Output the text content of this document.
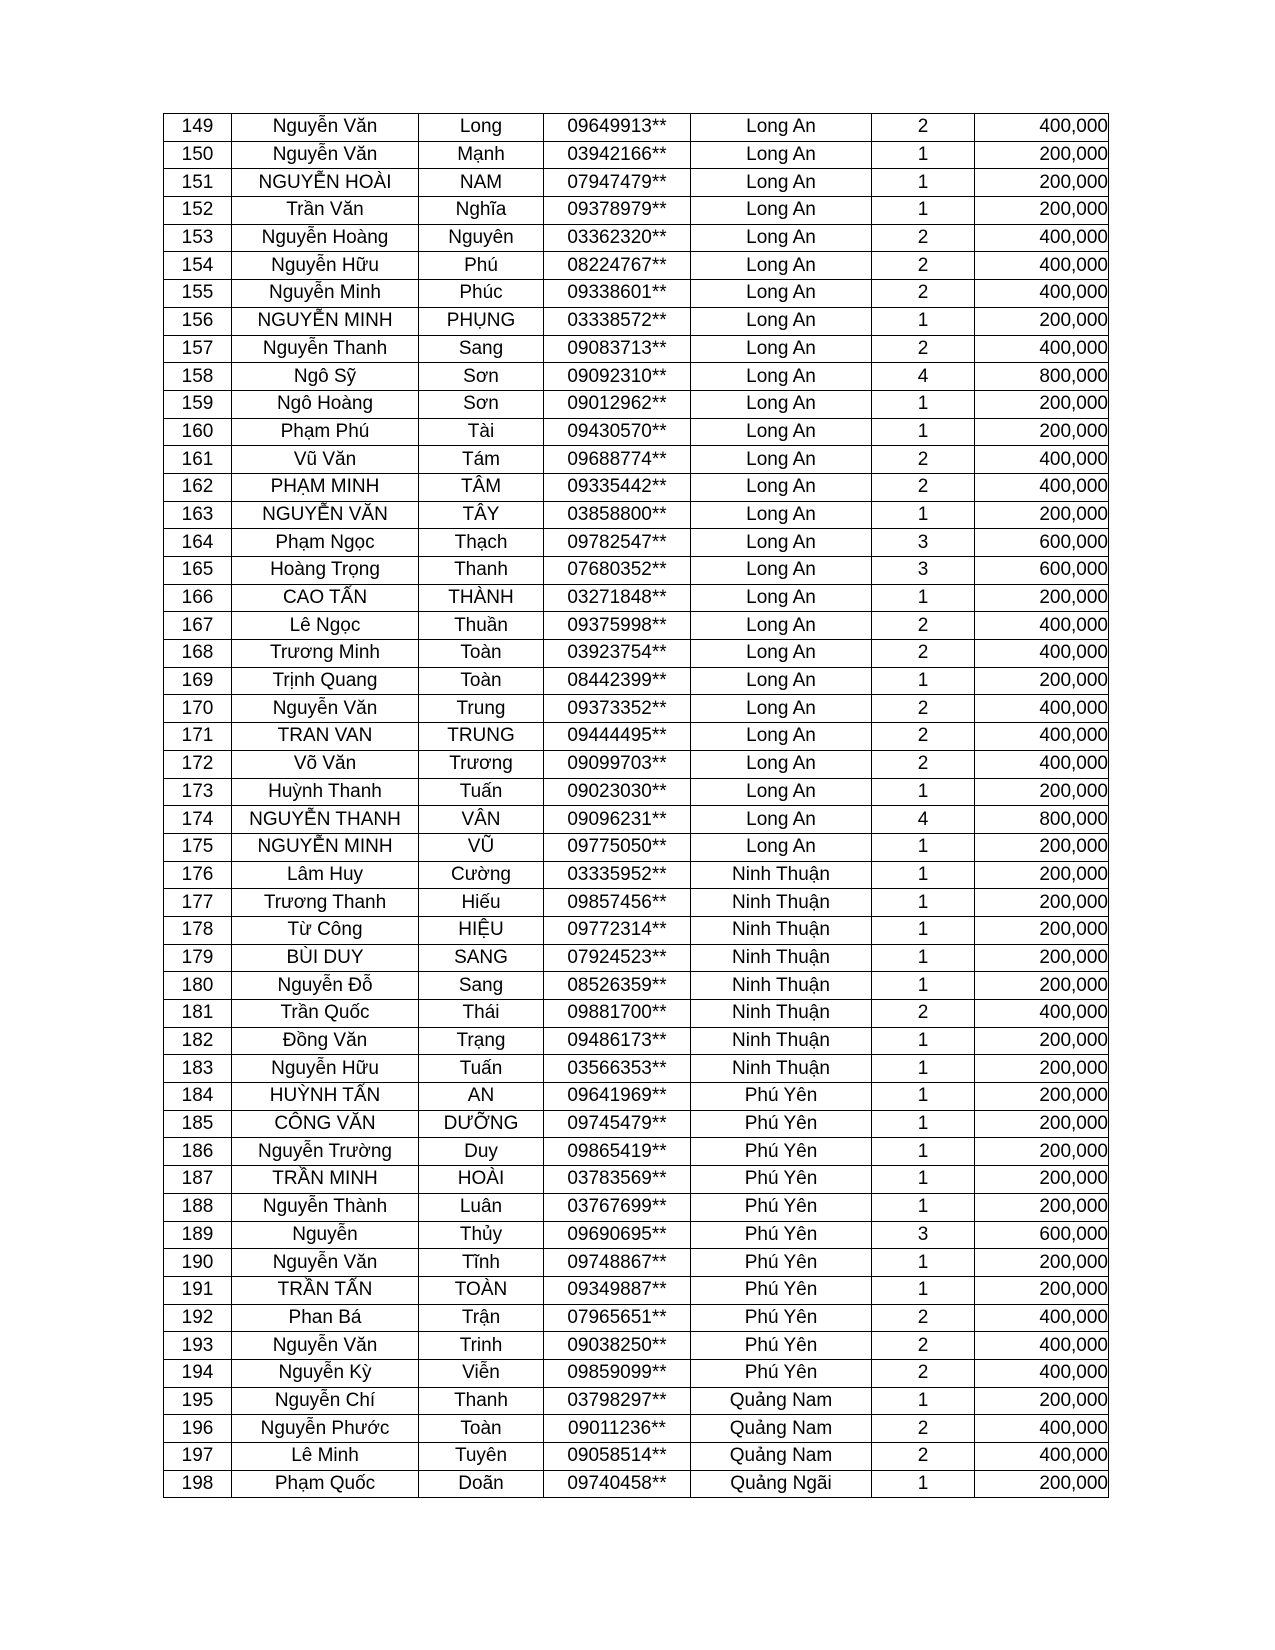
149	Nguyễn Văn	Long	09649913**	Long An	2	400,000
150	Nguyễn Văn	Mạnh	03942166**	Long An	1	200,000
151	NGUYỄN HOÀI	NAM	07947479**	Long An	1	200,000
152	Trần Văn	Nghĩa	09378979**	Long An	1	200,000
153	Nguyễn Hoàng	Nguyên	03362320**	Long An	2	400,000
154	Nguyễn Hữu	Phú	08224767**	Long An	2	400,000
155	Nguyễn Minh	Phúc	09338601**	Long An	2	400,000
156	NGUYỄN MINH	PHỤNG	03338572**	Long An	1	200,000
157	Nguyễn Thanh	Sang	09083713**	Long An	2	400,000
158	Ngô Sỹ	Sơn	09092310**	Long An	4	800,000
159	Ngô Hoàng	Sơn	09012962**	Long An	1	200,000
160	Phạm Phú	Tài	09430570**	Long An	1	200,000
161	Vũ Văn	Tám	09688774**	Long An	2	400,000
162	PHẠM MINH	TÂM	09335442**	Long An	2	400,000
163	NGUYỄN VĂN	TÂY	03858800**	Long An	1	200,000
164	Phạm Ngọc	Thạch	09782547**	Long An	3	600,000
165	Hoàng Trọng	Thanh	07680352**	Long An	3	600,000
166	CAO TẤN	THÀNH	03271848**	Long An	1	200,000
167	Lê Ngọc	Thuần	09375998**	Long An	2	400,000
168	Trương Minh	Toàn	03923754**	Long An	2	400,000
169	Trịnh Quang	Toàn	08442399**	Long An	1	200,000
170	Nguyễn Văn	Trung	09373352**	Long An	2	400,000
171	TRAN VAN	TRUNG	09444495**	Long An	2	400,000
172	Võ Văn	Trương	09099703**	Long An	2	400,000
173	Huỳnh Thanh	Tuấn	09023030**	Long An	1	200,000
174	NGUYỄN THANH	VÂN	09096231**	Long An	4	800,000
175	NGUYỄN MINH	VŨ	09775050**	Long An	1	200,000
176	Lâm Huy	Cường	03335952**	Ninh Thuận	1	200,000
177	Trương Thanh	Hiếu	09857456**	Ninh Thuận	1	200,000
178	Từ Công	HIỆU	09772314**	Ninh Thuận	1	200,000
179	BÙI DUY	SANG	07924523**	Ninh Thuận	1	200,000
180	Nguyễn Đỗ	Sang	08526359**	Ninh Thuận	1	200,000
181	Trần Quốc	Thái	09881700**	Ninh Thuận	2	400,000
182	Đồng Văn	Trạng	09486173**	Ninh Thuận	1	200,000
183	Nguyễn Hữu	Tuấn	03566353**	Ninh Thuận	1	200,000
184	HUỲNH TẤN	AN	09641969**	Phú Yên	1	200,000
185	CÔNG VĂN	DƯỠNG	09745479**	Phú Yên	1	200,000
186	Nguyễn Trường	Duy	09865419**	Phú Yên	1	200,000
187	TRẦN MINH	HOÀI	03783569**	Phú Yên	1	200,000
188	Nguyễn Thành	Luân	03767699**	Phú Yên	1	200,000
189	Nguyễn	Thủy	09690695**	Phú Yên	3	600,000
190	Nguyễn Văn	Tĩnh	09748867**	Phú Yên	1	200,000
191	TRẦN TẤN	TOÀN	09349887**	Phú Yên	1	200,000
192	Phan Bá	Trận	07965651**	Phú Yên	2	400,000
193	Nguyễn Văn	Trinh	09038250**	Phú Yên	2	400,000
194	Nguyễn Kỳ	Viễn	09859099**	Phú Yên	2	400,000
195	Nguyễn Chí	Thanh	03798297**	Quảng Nam	1	200,000
196	Nguyễn Phước	Toàn	09011236**	Quảng Nam	2	400,000
197	Lê Minh	Tuyên	09058514**	Quảng Nam	2	400,000
198	Phạm Quốc	Doãn	09740458**	Quảng Ngãi	1	200,000
